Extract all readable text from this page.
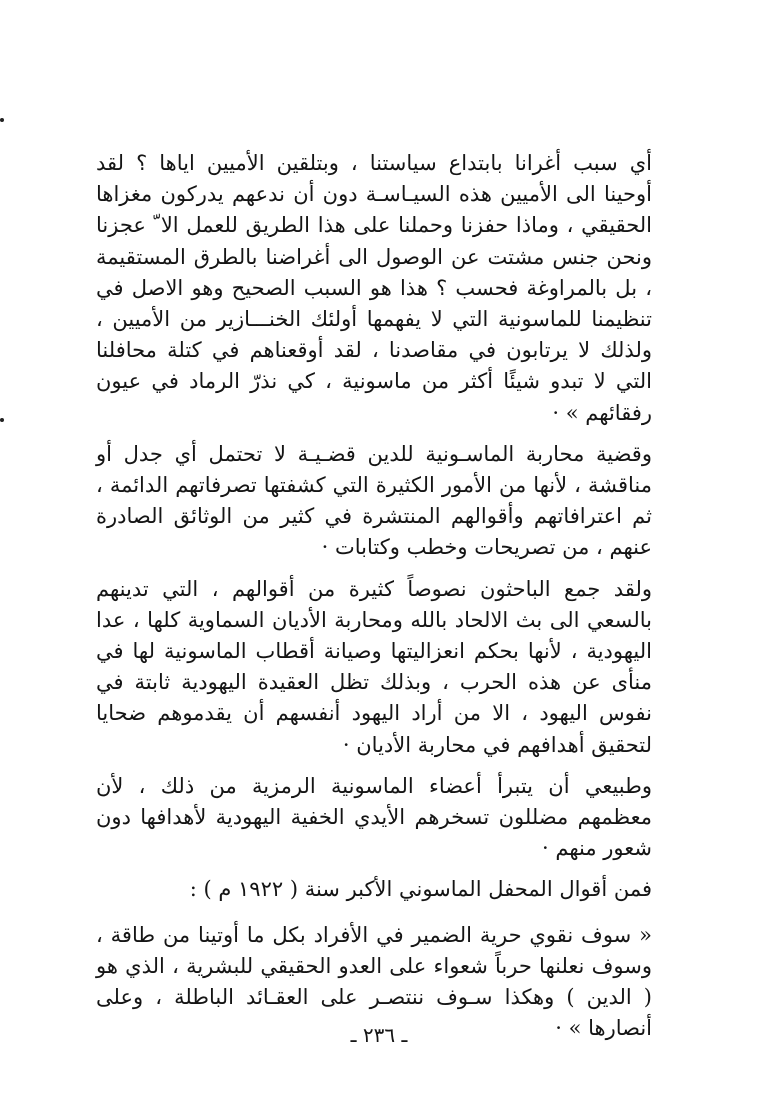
أي سبب أغرانا بابتداع سياستنا ، وبتلقين الأميين اياها ؟ لقد أوحينا الى الأميين هذه السيـاسـة دون أن ندعهم يدركون مغزاها الحقيقي ، وماذا حفزنا وحملنا على هذا الطريق للعمل الا ّ عجزنا ونحن جنس مشتت عن الوصول الى أغراضنا بالطرق المستقيمة ، بل بالمراوغة فحسب ؟ هذا هو السبب الصحيح وهو الاصل في تنظيمنا للماسونية التي لا يفهمها أولئك الخنـــازير من الأميين ، ولذلك لا يرتابون في مقاصدنا ، لقد أوقعناهم في كتلة محافلنا التي لا تبدو شيئًا أكثر من ماسونية ، كي نذرّ الرماد في عيون رفقائهم » ·

وقضية محاربة الماسـونية للدين قضـيـة لا تحتمل أي جدل أو مناقشة ، لأنها من الأمور الكثيرة التي كشفتها تصرفاتهم الدائمة ، ثم اعترافاتهم وأقوالهم المنتشرة في كثير من الوثائق الصادرة عنهم ، من تصريحات وخطب وكتابات ·

ولقد جمع الباحثون نصوصاً كثيرة من أقوالهم ، التي تدينهم بالسعي الى بث الالحاد بالله ومحاربة الأديان السماوية كلها ، عدا اليهودية ، لأنها بحكم انعزاليتها وصيانة أقطاب الماسونية لها في منأى عن هذه الحرب ، وبذلك تظل العقيدة اليهودية ثابتة في نفوس اليهود ، الا من أراد اليهود أنفسهم أن يقدموهم ضحايا لتحقيق أهدافهم في محاربة الأديان ·

وطبيعي أن يتبرأ أعضاء الماسونية الرمزية من ذلك ، لأن معظمهم مضللون تسخرهم الأيدي الخفية اليهودية لأهدافها دون شعور منهم ·

فمن أقوال المحفل الماسوني الأكبر سنة ( ١٩٢٢ م ) :

« سوف نقوي حرية الضمير في الأفراد بكل ما أوتينا من طاقة ، وسوف نعلنها حرباً شعواء على العدو الحقيقي للبشرية ، الذي هو ( الدين ) وهكذا سـوف ننتصـر على العقـائد الباطلة ، وعلى أنصارها » ·

ـ ٢٣٦ ـ
